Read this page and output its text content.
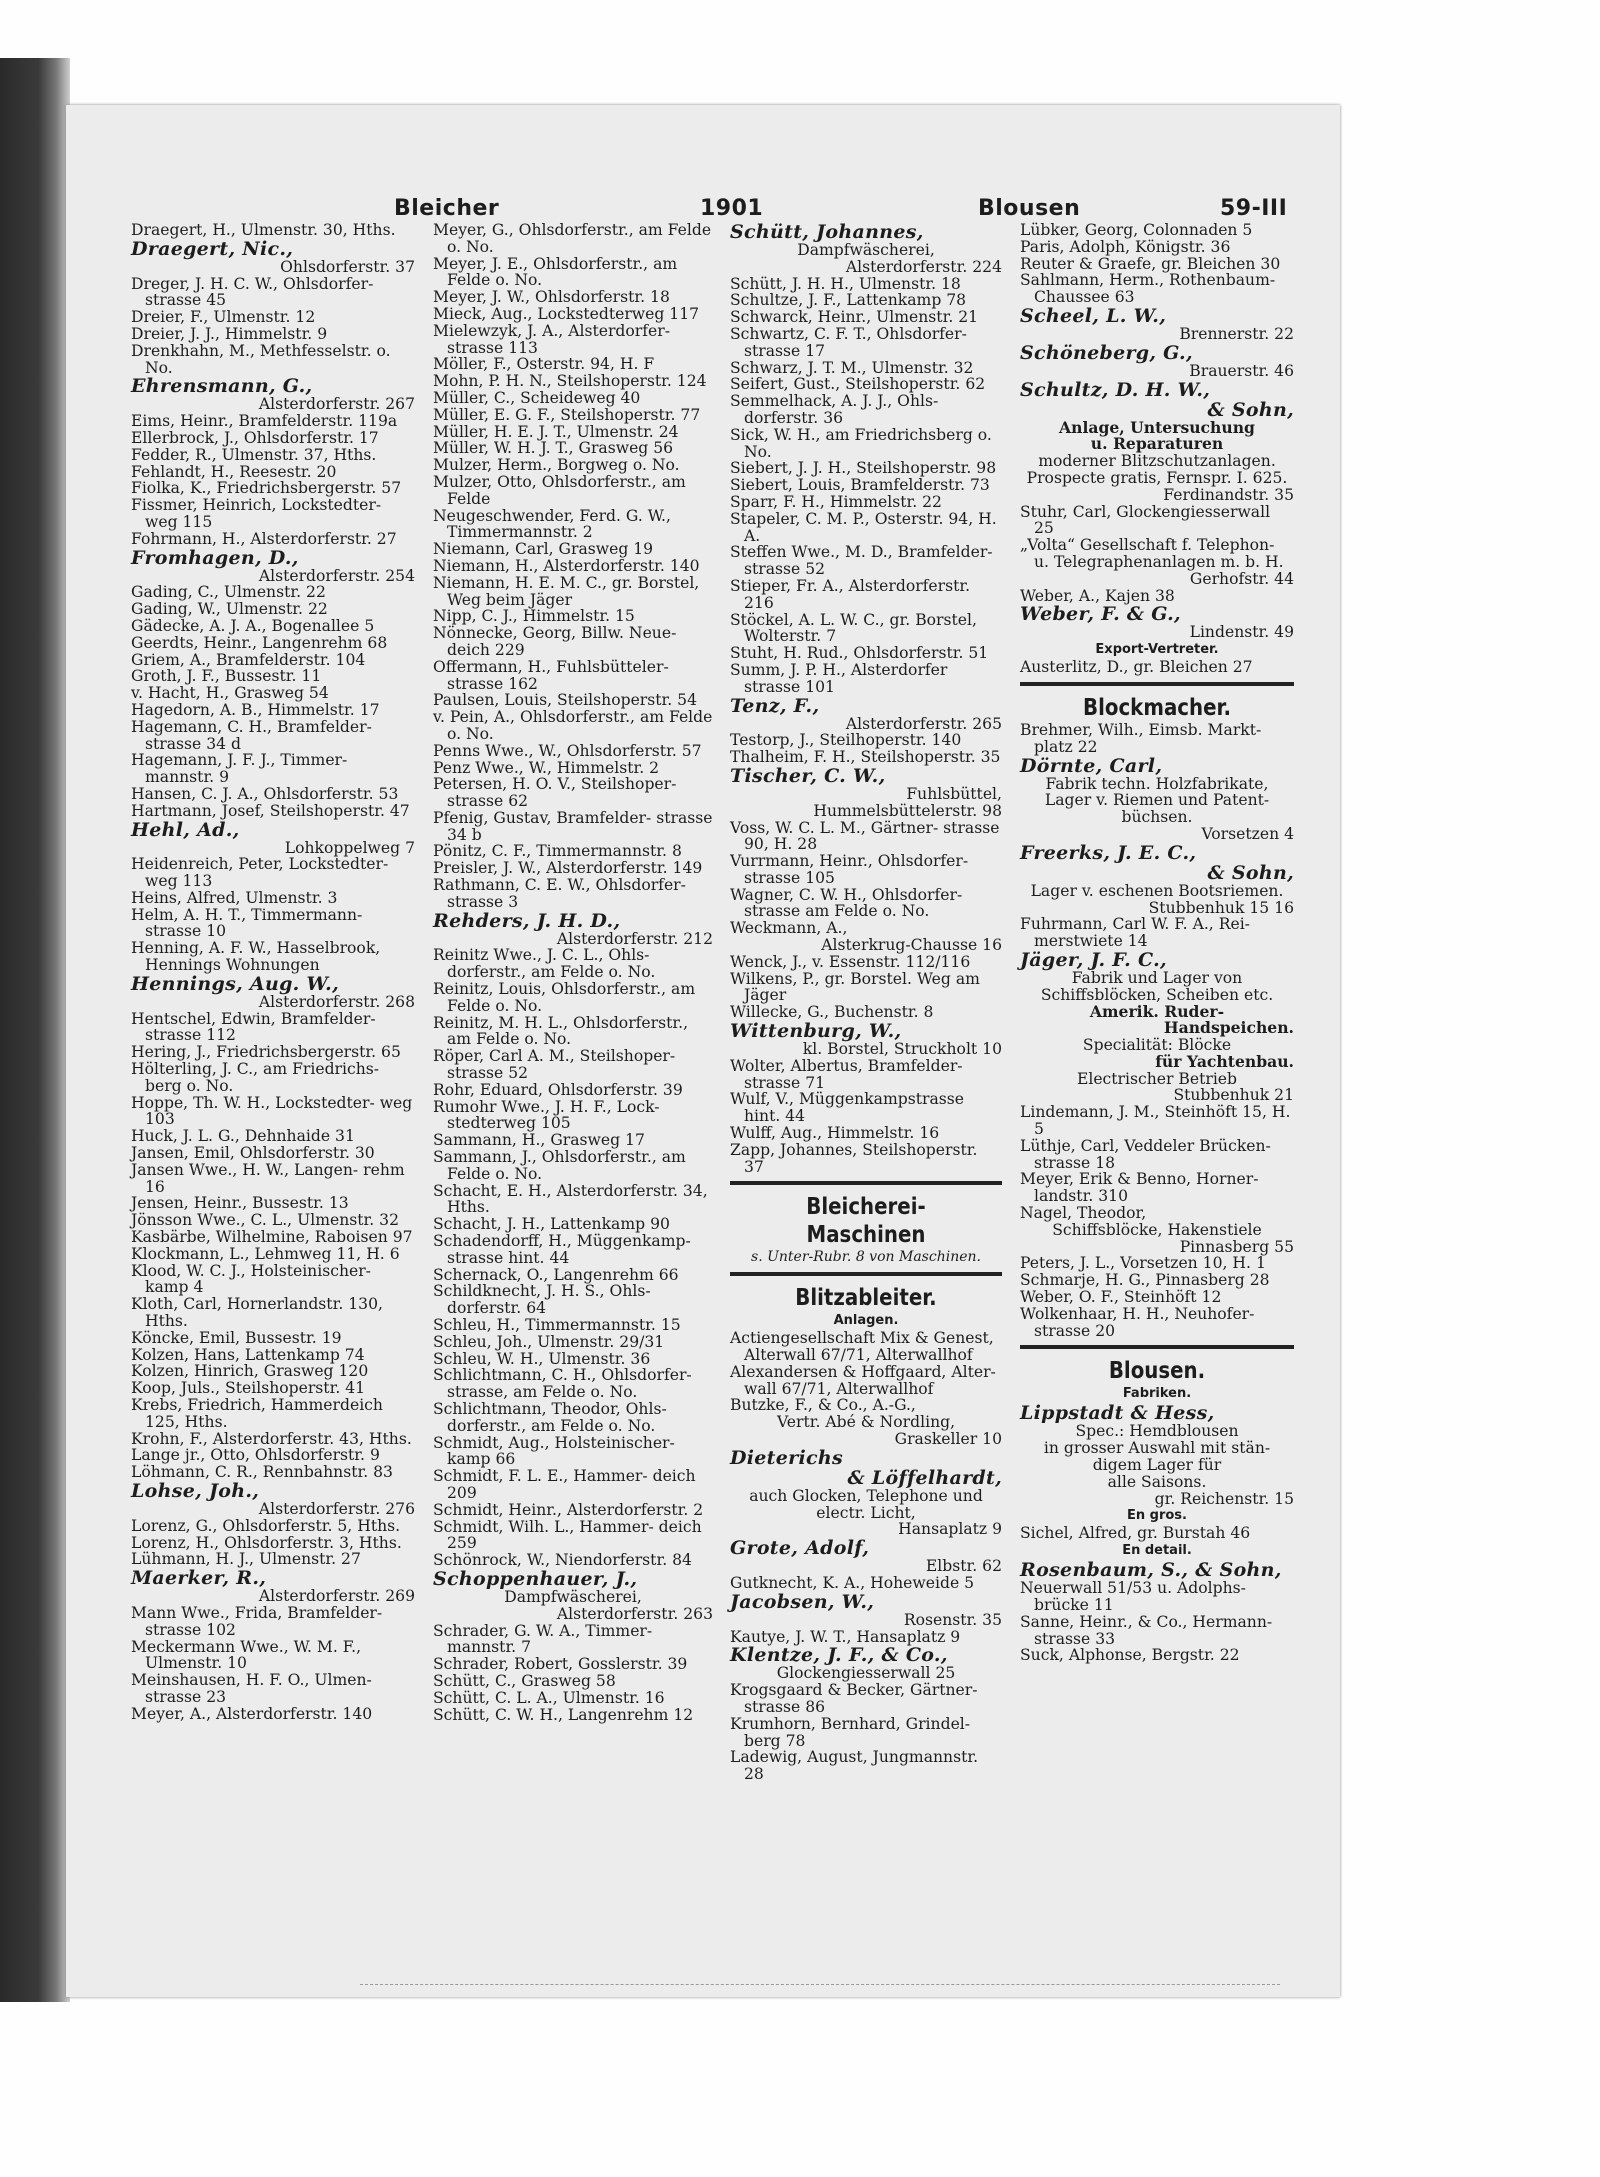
Bleicher	1901	Blousen	59-III

Draegert, H., Ulmenstr. 30, Hths.

Draegert, Nic.,

Ohlsdorferstr. 37

Dreger, J. H. C. W., Ohlsdorfer- strasse 45

Dreier, F., Ulmenstr. 12

Dreier, J. J., Himmelstr. 9

Drenkhahn, M., Methfesselstr. o. No.

Ehrensmann, G.,

Alsterdorferstr. 267

Eims, Heinr., Bramfelderstr. 119a

Ellerbrock, J., Ohlsdorferstr. 17

Fedder, R., Ulmenstr. 37, Hths.

Fehlandt, H., Reesestr. 20

Fiolka, K., Friedrichsbergerstr. 57

Fissmer, Heinrich, Lockstedter- weg 115

Fohrmann, H., Alsterdorferstr. 27

Fromhagen, D.,

Alsterdorferstr. 254

Gading, C., Ulmenstr. 22

Gading, W., Ulmenstr. 22

Gädecke, A. J. A., Bogenallee 5

Geerdts, Heinr., Langenrehm 68

Griem, A., Bramfelderstr. 104

Groth, J. F., Bussestr. 11

v. Hacht, H., Grasweg 54

Hagedorn, A. B., Himmelstr. 17

Hagemann, C. H., Bramfelder- strasse 34 d

Hagemann, J. F. J., Timmer- mannstr. 9

Hansen, C. J. A., Ohlsdorferstr. 53

Hartmann, Josef, Steilshoperstr. 47

Hehl, Ad.,

Lohkoppelweg 7

Heidenreich, Peter, Lockstedter- weg 113

Heins, Alfred, Ulmenstr. 3

Helm, A. H. T., Timmermann- strasse 10

Henning, A. F. W., Hasselbrook, Hennings Wohnungen

Hennings, Aug. W.,

Alsterdorferstr. 268

Hentschel, Edwin, Bramfelder- strasse 112

Hering, J., Friedrichsbergerstr. 65

Hölterling, J. C., am Friedrichs- berg o. No.

Hoppe, Th. W. H., Lockstedter- weg 103

Huck, J. L. G., Dehnhaide 31

Jansen, Emil, Ohlsdorferstr. 30

Jansen Wwe., H. W., Langen- rehm 16

Jensen, Heinr., Bussestr. 13

Jönsson Wwe., C. L., Ulmenstr. 32

Kasbärbe, Wilhelmine, Raboisen 97

Klockmann, L., Lehmweg 11, H. 6

Klood, W. C. J., Holsteinischer- kamp 4

Kloth, Carl, Hornerlandstr. 130, Hths.

Köncke, Emil, Bussestr. 19

Kolzen, Hans, Lattenkamp 74

Kolzen, Hinrich, Grasweg 120

Koop, Juls., Steilshoperstr. 41

Krebs, Friedrich, Hammerdeich 125, Hths.

Krohn, F., Alsterdorferstr. 43, Hths.

Lange jr., Otto, Ohlsdorferstr. 9

Löhmann, C. R., Rennbahnstr. 83

Lohse, Joh.,

Alsterdorferstr. 276

Lorenz, G., Ohlsdorferstr. 5, Hths.

Lorenz, H., Ohlsdorferstr. 3, Hths.

Lühmann, H. J., Ulmenstr. 27

Maerker, R.,

Alsterdorferstr. 269

Mann Wwe., Frida, Bramfelder- strasse 102

Meckermann Wwe., W. M. F., Ulmenstr. 10

Meinshausen, H. F. O., Ulmen- strasse 23

Meyer, A., Alsterdorferstr. 140

Meyer, G., Ohlsdorferstr., am Felde o. No.

Meyer, J. E., Ohlsdorferstr., am Felde o. No.

Meyer, J. W., Ohlsdorferstr. 18

Mieck, Aug., Lockstedterweg 117

Mielewzyk, J. A., Alsterdorfer- strasse 113

Möller, F., Osterstr. 94, H. F

Mohn, P. H. N., Steilshoperstr. 124

Müller, C., Scheideweg 40

Müller, E. G. F., Steilshoperstr. 77

Müller, H. E. J. T., Ulmenstr. 24

Müller, W. H. J. T., Grasweg 56

Mulzer, Herm., Borgweg o. No.

Mulzer, Otto, Ohlsdorferstr., am Felde

Neugeschwender, Ferd. G. W., Timmermannstr. 2

Niemann, Carl, Grasweg 19

Niemann, H., Alsterdorferstr. 140

Niemann, H. E. M. C., gr. Borstel, Weg beim Jäger

Nipp, C. J., Himmelstr. 15

Nönnecke, Georg, Billw. Neue- deich 229

Offermann, H., Fuhlsbütteler- strasse 162

Paulsen, Louis, Steilshoperstr. 54

v. Pein, A., Ohlsdorferstr., am Felde o. No.

Penns Wwe., W., Ohlsdorferstr. 57

Penz Wwe., W., Himmelstr. 2

Petersen, H. O. V., Steilshoper- strasse 62

Pfenig, Gustav, Bramfelder- strasse 34 b

Pönitz, C. F., Timmermannstr. 8

Preisler, J. W., Alsterdorferstr. 149

Rathmann, C. E. W., Ohlsdorfer- strasse 3

Rehders, J. H. D.,

Alsterdorferstr. 212

Reinitz Wwe., J. C. L., Ohls- dorferstr., am Felde o. No.

Reinitz, Louis, Ohlsdorferstr., am Felde o. No.

Reinitz, M. H. L., Ohlsdorferstr., am Felde o. No.

Röper, Carl A. M., Steilshoper- strasse 52

Rohr, Eduard, Ohlsdorferstr. 39

Rumohr Wwe., J. H. F., Lock- stedterweg 105

Sammann, H., Grasweg 17

Sammann, J., Ohlsdorferstr., am Felde o. No.

Schacht, E. H., Alsterdorferstr. 34, Hths.

Schacht, J. H., Lattenkamp 90

Schadendorff, H., Müggenkamp- strasse hint. 44

Schernack, O., Langenrehm 66

Schildknecht, J. H. S., Ohls- dorferstr. 64

Schleu, H., Timmermannstr. 15

Schleu, Joh., Ulmenstr. 29/31

Schleu, W. H., Ulmenstr. 36

Schlichtmann, C. H., Ohlsdorfer- strasse, am Felde o. No.

Schlichtmann, Theodor, Ohls- dorferstr., am Felde o. No.

Schmidt, Aug., Holsteinischer- kamp 66

Schmidt, F. L. E., Hammer- deich 209

Schmidt, Heinr., Alsterdorferstr. 2

Schmidt, Wilh. L., Hammer- deich 259

Schönrock, W., Niendorferstr. 84

Schoppenhauer, J.,

Dampfwäscherei,

Alsterdorferstr. 263

Schrader, G. W. A., Timmer- mannstr. 7

Schrader, Robert, Gosslerstr. 39

Schütt, C., Grasweg 58

Schütt, C. L. A., Ulmenstr. 16

Schütt, C. W. H., Langenrehm 12

Schütt, Johannes,

Dampfwäscherei,

Alsterdorferstr. 224

Schütt, J. H. H., Ulmenstr. 18

Schultze, J. F., Lattenkamp 78

Schwarck, Heinr., Ulmenstr. 21

Schwartz, C. F. T., Ohlsdorfer- strasse 17

Schwarz, J. T. M., Ulmenstr. 32

Seifert, Gust., Steilshoperstr. 62

Semmelhack, A. J. J., Ohls- dorferstr. 36

Sick, W. H., am Friedrichsberg o. No.

Siebert, J. J. H., Steilshoperstr. 98

Siebert, Louis, Bramfelderstr. 73

Sparr, F. H., Himmelstr. 22

Stapeler, C. M. P., Osterstr. 94, H. A.

Steffen Wwe., M. D., Bramfelder- strasse 52

Stieper, Fr. A., Alsterdorferstr. 216

Stöckel, A. L. W. C., gr. Borstel, Wolterstr. 7

Stuht, H. Rud., Ohlsdorferstr. 51

Summ, J. P. H., Alsterdorfer strasse 101

Tenz, F.,

Alsterdorferstr. 265

Testorp, J., Steilhoperstr. 140

Thalheim, F. H., Steilshoperstr. 35

Tischer, C. W.,

Fuhlsbüttel,

Hummelsbüttelerstr. 98

Voss, W. C. L. M., Gärtner- strasse 90, H. 28

Vurrmann, Heinr., Ohlsdorfer- strasse 105

Wagner, C. W. H., Ohlsdorfer- strasse am Felde o. No.

Weckmann, A.,

Alsterkrug-Chausse 16

Wenck, J., v. Essenstr. 112/116

Wilkens, P., gr. Borstel. Weg am Jäger

Willecke, G., Buchenstr. 8

Wittenburg, W.,

kl. Borstel, Struckholt 10

Wolter, Albertus, Bramfelder- strasse 71

Wulf, V., Müggenkampstrasse hint. 44

Wulff, Aug., Himmelstr. 16

Zapp, Johannes, Steilshoperstr. 37

Bleicherei-

Maschinen

s. Unter-Rubr. 8 von Maschinen.

Blitzableiter.

Anlagen.

Actiengesellschaft Mix & Genest, Alterwall 67/71, Alterwallhof

Alexandersen & Hoffgaard, Alter- wall 67/71, Alterwallhof

Butzke, F., & Co., A.-G.,

Vertr. Abé & Nordling,

Graskeller 10

Dieterichs

& Löffelhardt,

auch Glocken, Telephone und

electr. Licht,

Hansaplatz 9

Grote, Adolf,

Elbstr. 62

Gutknecht, K. A., Hoheweide 5

Jacobsen, W.,

Rosenstr. 35

Kautye, J. W. T., Hansaplatz 9

Klentze, J. F., & Co.,

Glockengiesserwall 25

Krogsgaard & Becker, Gärtner- strasse 86

Krumhorn, Bernhard, Grindel- berg 78

Ladewig, August, Jungmannstr. 28

Lübker, Georg, Colonnaden 5

Paris, Adolph, Königstr. 36

Reuter & Graefe, gr. Bleichen 30

Sahlmann, Herm., Rothenbaum- Chaussee 63

Scheel, L. W.,

Brennerstr. 22

Schöneberg, G.,

Brauerstr. 46

Schultz, D. H. W.,

& Sohn,

Anlage, Untersuchung

u. Reparaturen

moderner Blitzschutzanlagen.

Prospecte gratis, Fernspr. I. 625.

Ferdinandstr. 35

Stuhr, Carl, Glockengiesserwall 25

„Volta“ Gesellschaft f. Telephon- u. Telegraphenanlagen m. b. H.

Gerhofstr. 44

Weber, A., Kajen 38

Weber, F. & G.,

Lindenstr. 49

Export-Vertreter.

Austerlitz, D., gr. Bleichen 27

Blockmacher.

Brehmer, Wilh., Eimsb. Markt- platz 22

Dörnte, Carl,

Fabrik techn. Holzfabrikate,

Lager v. Riemen und Patent- büchsen.

Vorsetzen 4

Freerks, J. E. C.,

& Sohn,

Lager v. eschenen Bootsriemen.

Stubbenhuk 15 16

Fuhrmann, Carl W. F. A., Rei- merstwiete 14

Jäger, J. F. C.,

Fabrik und Lager von

Schiffsblöcken, Scheiben etc.

Amerik. Ruder-

Handspeichen.

Specialität: Blöcke

für Yachtenbau.

Electrischer Betrieb

Stubbenhuk 21

Lindemann, J. M., Steinhöft 15, H. 5

Lüthje, Carl, Veddeler Brücken- strasse 18

Meyer, Erik & Benno, Horner- landstr. 310

Nagel, Theodor,

Schiffsblöcke, Hakenstiele

Pinnasberg 55

Peters, J. L., Vorsetzen 10, H. 1

Schmarje, H. G., Pinnasberg 28

Weber, O. F., Steinhöft 12

Wolkenhaar, H. H., Neuhofer- strasse 20

Blousen.

Fabriken.

Lippstadt & Hess,

Spec.: Hemdblousen

in grosser Auswahl mit stän- digem Lager für

alle Saisons.

gr. Reichenstr. 15

En gros.

Sichel, Alfred, gr. Burstah 46

En detail.

Rosenbaum, S., & Sohn,

Neuerwall 51/53 u. Adolphs- brücke 11

Sanne, Heinr., & Co., Hermann- strasse 33

Suck, Alphonse, Bergstr. 22
